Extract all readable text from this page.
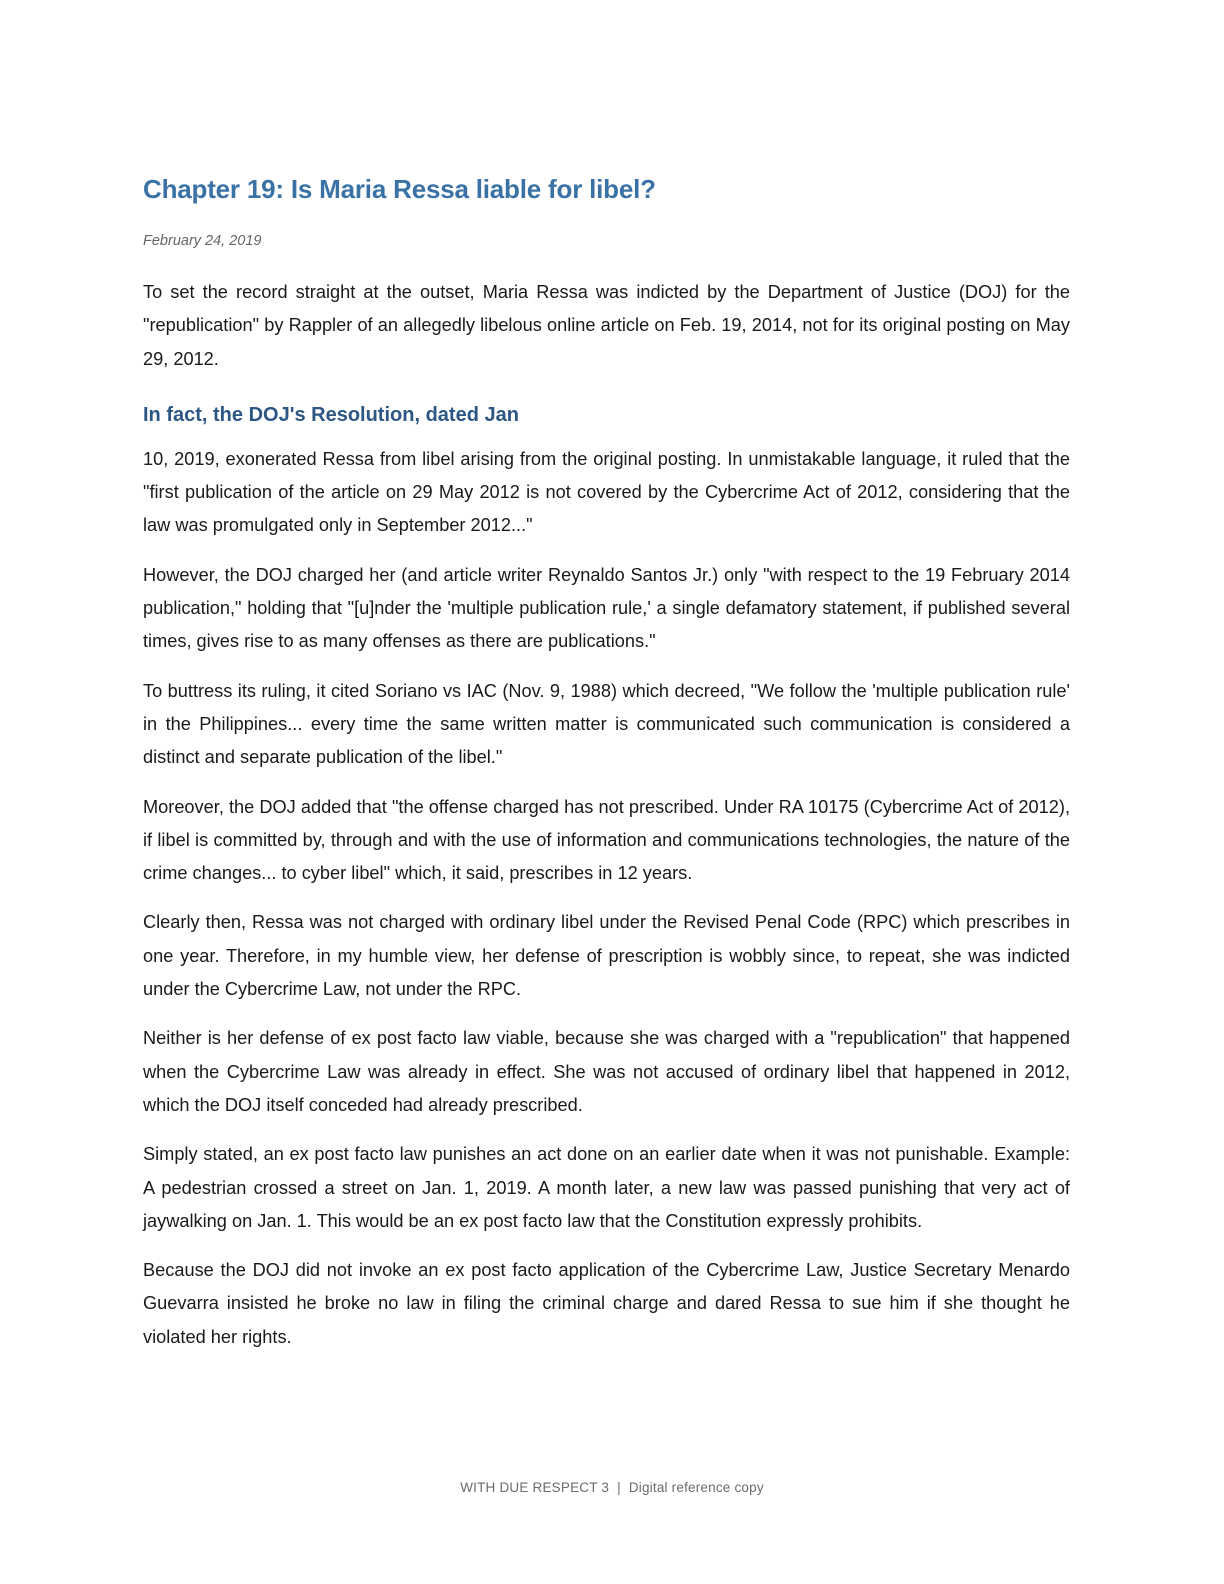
Chapter 19: Is Maria Ressa liable for libel?
February 24, 2019

To set the record straight at the outset, Maria Ressa was indicted by the Department of Justice (DOJ) for the "republication" by Rappler of an allegedly libelous online article on Feb. 19, 2014, not for its original posting on May 29, 2012.

In fact, the DOJ's Resolution, dated Jan

10, 2019, exonerated Ressa from libel arising from the original posting. In unmistakable language, it ruled that the "first publication of the article on 29 May 2012 is not covered by the Cybercrime Act of 2012, considering that the law was promulgated only in September 2012..."

However, the DOJ charged her (and article writer Reynaldo Santos Jr.) only "with respect to the 19 February 2014 publication," holding that "[u]nder the 'multiple publication rule,' a single defamatory statement, if published several times, gives rise to as many offenses as there are publications."

To buttress its ruling, it cited Soriano vs IAC (Nov. 9, 1988) which decreed, "We follow the 'multiple publication rule' in the Philippines... every time the same written matter is communicated such communication is considered a distinct and separate publication of the libel."

Moreover, the DOJ added that "the offense charged has not prescribed. Under RA 10175 (Cybercrime Act of 2012), if libel is committed by, through and with the use of information and communications technologies, the nature of the crime changes... to cyber libel" which, it said, prescribes in 12 years.

Clearly then, Ressa was not charged with ordinary libel under the Revised Penal Code (RPC) which prescribes in one year. Therefore, in my humble view, her defense of prescription is wobbly since, to repeat, she was indicted under the Cybercrime Law, not under the RPC.

Neither is her defense of ex post facto law viable, because she was charged with a "republication" that happened when the Cybercrime Law was already in effect. She was not accused of ordinary libel that happened in 2012, which the DOJ itself conceded had already prescribed.

Simply stated, an ex post facto law punishes an act done on an earlier date when it was not punishable. Example: A pedestrian crossed a street on Jan. 1, 2019. A month later, a new law was passed punishing that very act of jaywalking on Jan. 1. This would be an ex post facto law that the Constitution expressly prohibits.

Because the DOJ did not invoke an ex post facto application of the Cybercrime Law, Justice Secretary Menardo Guevarra insisted he broke no law in filing the criminal charge and dared Ressa to sue him if she thought he violated her rights.

WITH DUE RESPECT 3 | Digital reference copy
